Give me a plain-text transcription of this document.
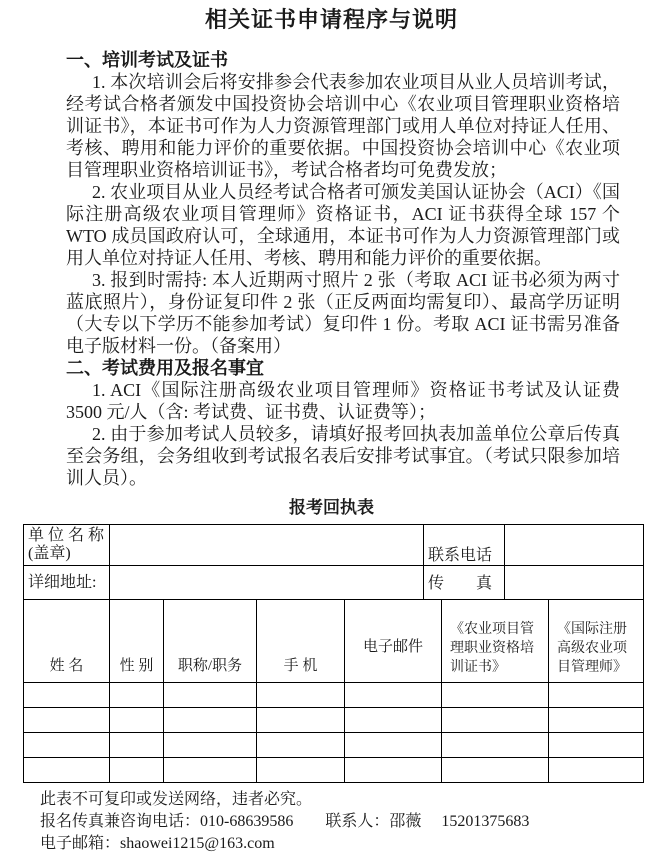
相关证书申请程序与说明
一、培训考试及证书

1. 本次培训会后将安排参会代表参加农业项目从业人员培训考试，经考试合格者颁发中国投资协会培训中心《农业项目管理职业资格培训证书》，本证书可作为人力资源管理部门或用人单位对持证人任用、考核、聘用和能力评价的重要依据。中国投资协会培训中心《农业项目管理职业资格培训证书》，考试合格者均可免费发放；

2. 农业项目从业人员经考试合格者可颁发美国认证协会（ACI）《国际注册高级农业项目管理师》资格证书，ACI 证书获得全球 157 个 WTO 成员国政府认可，全球通用，本证书可作为人力资源管理部门或用人单位对持证人任用、考核、聘用和能力评价的重要依据。

3. 报到时需持: 本人近期两寸照片 2 张（考取 ACI 证书必须为两寸蓝底照片），身份证复印件 2 张（正反两面均需复印）、最高学历证明（大专以下学历不能参加考试）复印件 1 份。考取 ACI 证书需另准备电子版材料一份。（备案用）

二、考试费用及报名事宜

1. ACI《国际注册高级农业项目管理师》资格证书考试及认证费 3500 元/人（含: 考试费、证书费、认证费等）；

2. 由于参加考试人员较多，请填好报考回执表加盖单位公章后传真至会务组，会务组收到考试报名表后安排考试事宜。（考试只限参加培训人员）。

报考回执表
单 位 名 称
(盖章)					联系电话			
详细地址:					传　　真			
姓 名	性 别	职称/职务	手 机	电子邮件		《农业项目管理职业资格培训证书》		《国际注册高级农业项目管理师》

此表不可复印或发送网络，违者必究。
报名传真兼咨询电话：010-68639586　　联系人：邵薇　 15201375683
电子邮箱：shaowei1215@163.com
